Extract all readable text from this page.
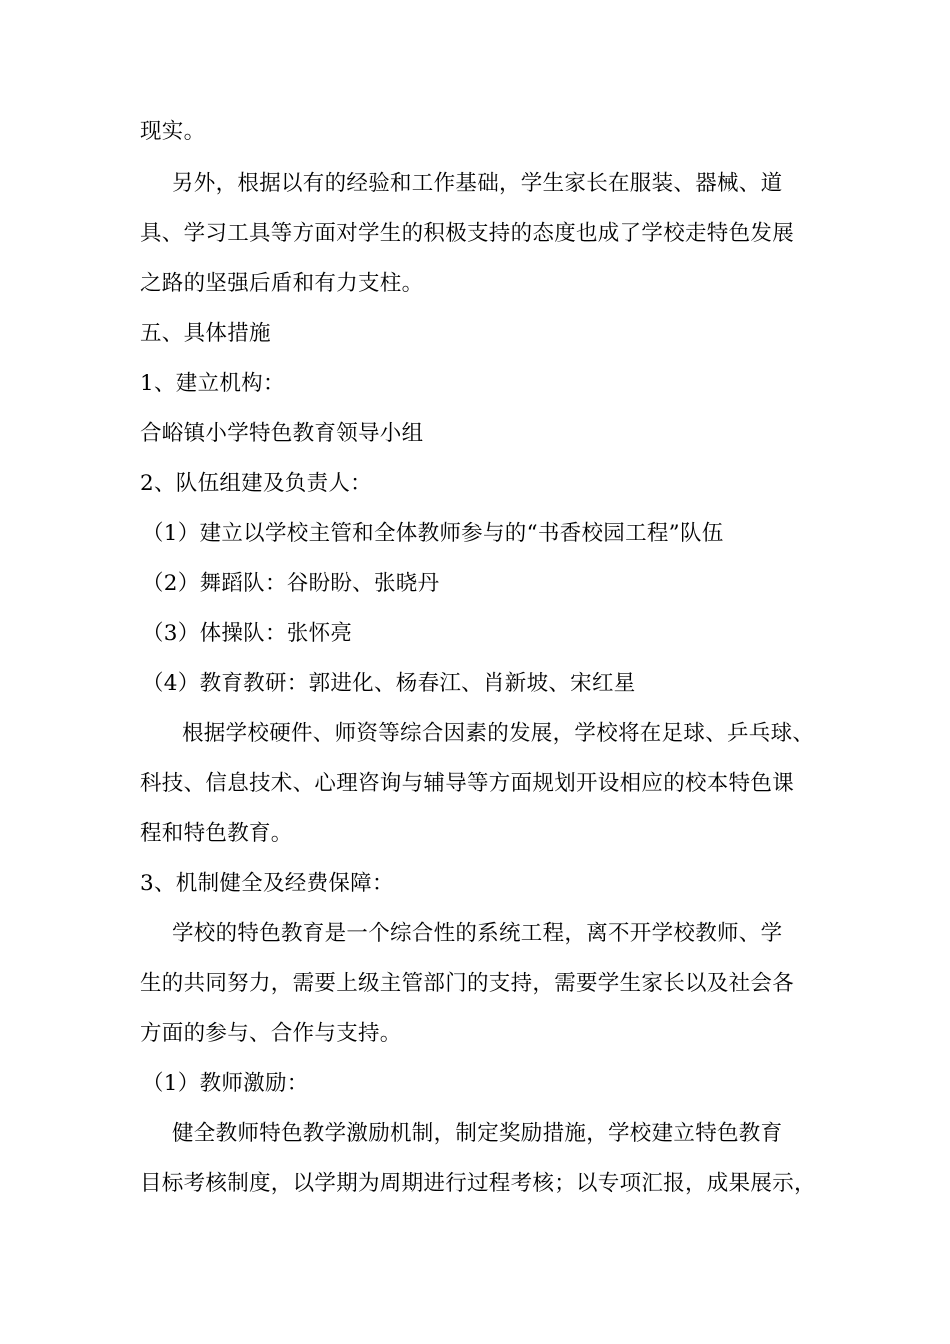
现实。
另外，根据以有的经验和工作基础，学生家长在服装、器械、道
具、学习工具等方面对学生的积极支持的态度也成了学校走特色发展
之路的坚强后盾和有力支柱。
五、具体措施
1、建立机构：
合峪镇小学特色教育领导小组
2、队伍组建及负责人：
（1）建立以学校主管和全体教师参与的“书香校园工程”队伍
（2）舞蹈队：谷盼盼、张晓丹
（3）体操队：张怀亮
（4）教育教研：郭进化、杨春江、肖新坡、宋红星
根据学校硬件、师资等综合因素的发展，学校将在足球、乒乓球、
科技、信息技术、心理咨询与辅导等方面规划开设相应的校本特色课
程和特色教育。
3、机制健全及经费保障：
学校的特色教育是一个综合性的系统工程，离不开学校教师、学
生的共同努力，需要上级主管部门的支持，需要学生家长以及社会各
方面的参与、合作与支持。
（1）教师激励：
健全教师特色教学激励机制，制定奖励措施，学校建立特色教育
目标考核制度，以学期为周期进行过程考核；以专项汇报，成果展示，
